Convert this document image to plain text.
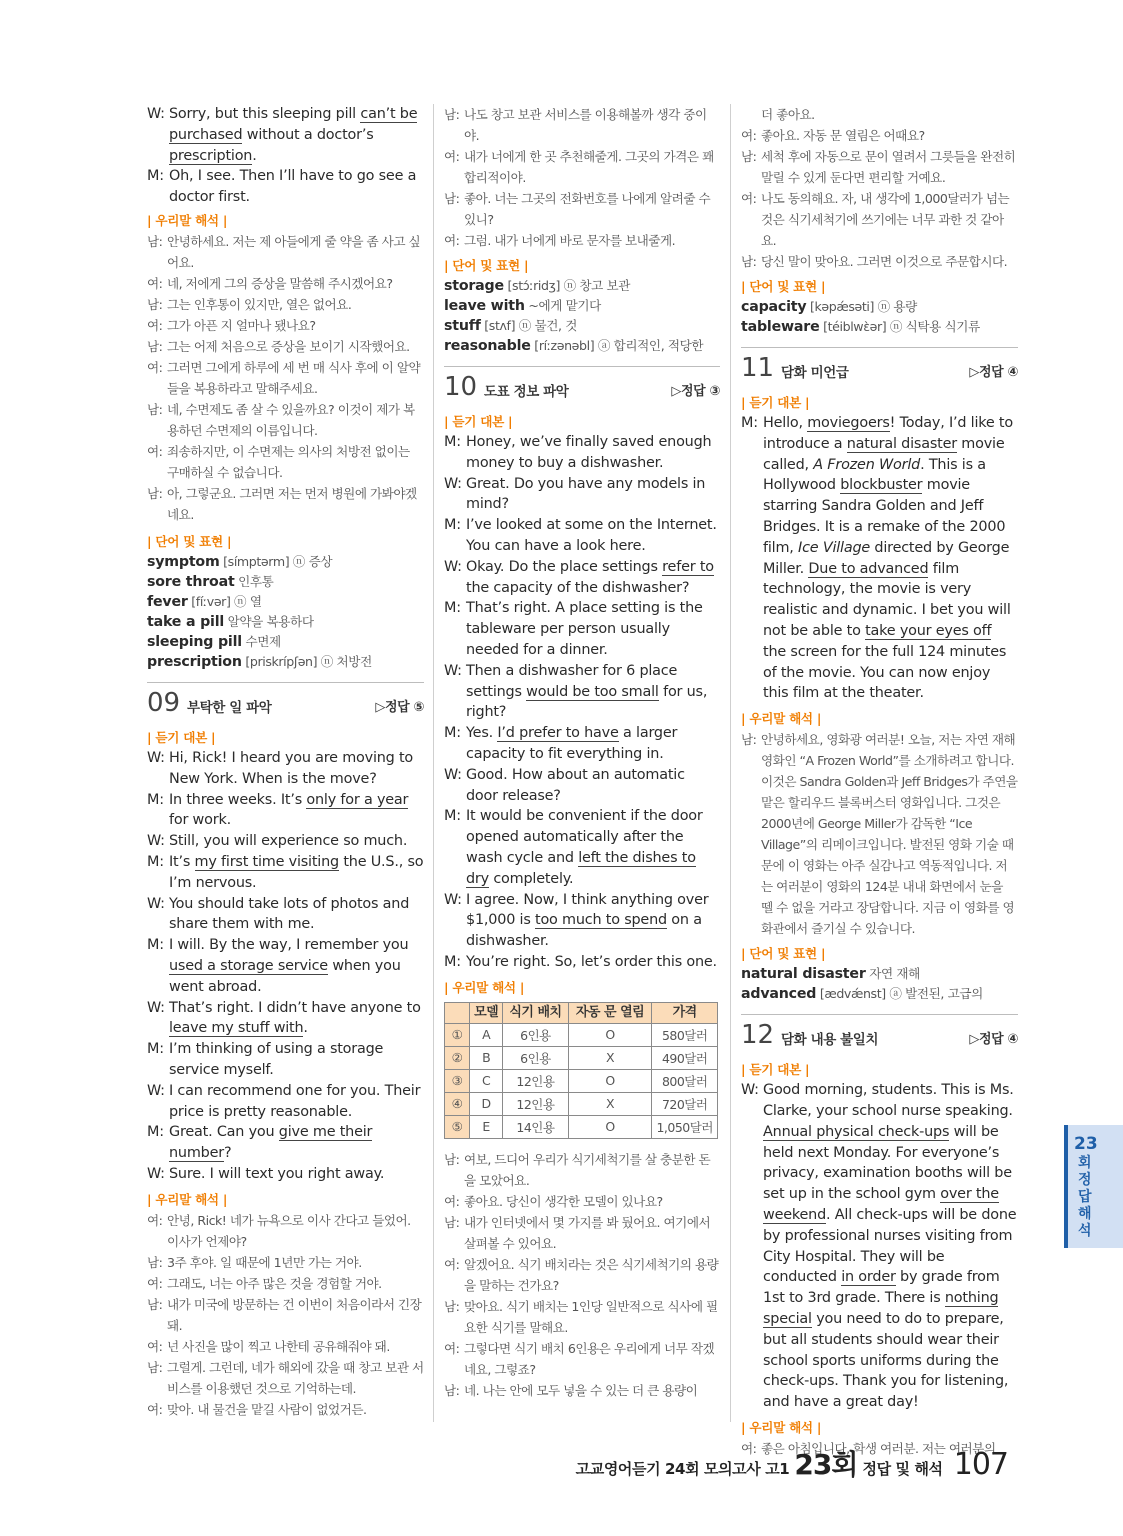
W: Sorry, but this sleeping pill can’t be purchased without a doctor’s prescription.

M: Oh, I see. Then I’ll have to go see a doctor first.

| 우리말 해석 |

남: 안녕하세요. 저는 제 아들에게 줄 약을 좀 사고 싶어요.

여: 네, 저에게 그의 증상을 말씀해 주시겠어요?

남: 그는 인후통이 있지만, 열은 없어요.

여: 그가 아픈 지 얼마나 됐나요?

남: 그는 어제 처음으로 증상을 보이기 시작했어요.

여: 그러면 그에게 하루에 세 번 매 식사 후에 이 알약들을 복용하라고 말해주세요.

남: 네, 수면제도 좀 살 수 있을까요? 이것이 제가 복용하던 수면제의 이름입니다.

여: 죄송하지만, 이 수면제는 의사의 처방전 없이는 구매하실 수 없습니다.

남: 아, 그렇군요. 그러면 저는 먼저 병원에 가봐야겠네요.

| 단어 및 표현 |

symptom [símptərm] ⓝ 증상

sore throat 인후통

fever [fíːvər] ⓝ 열

take a pill 알약을 복용하다

sleeping pill 수면제

prescription [priskrípʃən] ⓝ 처방전

09 부탁한 일 파악	▷정답 ⑤

| 듣기 대본 |

W: Hi, Rick! I heard you are moving to New York. When is the move?

M: In three weeks. It’s only for a year for work.

W: Still, you will experience so much.

M: It’s my first time visiting the U.S., so I’m nervous.

W: You should take lots of photos and share them with me.

M: I will. By the way, I remember you used a storage service when you went abroad.

W: That’s right. I didn’t have anyone to leave my stuff with.

M: I’m thinking of using a storage service myself.

W: I can recommend one for you. Their price is pretty reasonable.

M: Great. Can you give me their number?

W: Sure. I will text you right away.

| 우리말 해석 |

여: 안녕, Rick! 네가 뉴욕으로 이사 간다고 들었어. 이사가 언제야?

남: 3주 후야. 일 때문에 1년만 가는 거야.

여: 그래도, 너는 아주 많은 것을 경험할 거야.

남: 내가 미국에 방문하는 건 이번이 처음이라서 긴장돼.

여: 넌 사진을 많이 찍고 나한테 공유해줘야 돼.

남: 그럴게. 그런데, 네가 해외에 갔을 때 창고 보관 서비스를 이용했던 것으로 기억하는데.

여: 맞아. 내 물건을 맡길 사람이 없었거든.

남: 나도 창고 보관 서비스를 이용해볼까 생각 중이야.

여: 내가 너에게 한 곳 추천해줄게. 그곳의 가격은 꽤 합리적이야.

남: 좋아. 너는 그곳의 전화번호를 나에게 알려줄 수 있니?

여: 그럼. 내가 너에게 바로 문자를 보내줄게.

| 단어 및 표현 |

storage [stɔ́ːridʒ] ⓝ 창고 보관

leave with ~에게 맡기다

stuff [stʌf] ⓝ 물건, 것

reasonable [ríːzənəbl] ⓐ 합리적인, 적당한

10 도표 정보 파악	▷정답 ③

| 듣기 대본 |

M: Honey, we’ve finally saved enough money to buy a dishwasher.

W: Great. Do you have any models in mind?

M: I’ve looked at some on the Internet. You can have a look here.

W: Okay. Do the place settings refer to the capacity of the dishwasher?

M: That’s right. A place setting is the tableware per person usually needed for a dinner.

W: Then a dishwasher for 6 place settings would be too small for us, right?

M: Yes. I’d prefer to have a larger capacity to fit everything in.

W: Good. How about an automatic door release?

M: It would be convenient if the door opened automatically after the wash cycle and left the dishes to dry completely.

W: I agree. Now, I think anything over $1,000 is too much to spend on a dishwasher.

M: You’re right. So, let’s order this one.

| 우리말 해석 |

	모델	식기 배치	자동 문 열림	가격
①	A	6인용	O	580달러
②	B	6인용	X	490달러
③	C	12인용	O	800달러
④	D	12인용	X	720달러
⑤	E	14인용	O	1,050달러

남: 여보, 드디어 우리가 식기세척기를 살 충분한 돈을 모았어요.

여: 좋아요. 당신이 생각한 모델이 있나요?

남: 내가 인터넷에서 몇 가지를 봐 뒀어요. 여기에서 살펴볼 수 있어요.

여: 알겠어요. 식기 배치라는 것은 식기세척기의 용량을 말하는 건가요?

남: 맞아요. 식기 배치는 1인당 일반적으로 식사에 필요한 식기를 말해요.

여: 그렇다면 식기 배치 6인용은 우리에게 너무 작겠네요, 그렇죠?

남: 네. 나는 안에 모두 넣을 수 있는 더 큰 용량이

더 좋아요.

여: 좋아요. 자동 문 열림은 어때요?

남: 세척 후에 자동으로 문이 열려서 그릇들을 완전히 말릴 수 있게 둔다면 편리할 거예요.

여: 나도 동의해요. 자, 내 생각에 1,000달러가 넘는 것은 식기세척기에 쓰기에는 너무 과한 것 같아요.

남: 당신 말이 맞아요. 그러면 이것으로 주문합시다.

| 단어 및 표현 |

capacity [kəpǽsəti] ⓝ 용량

tableware [téiblwɛ̀ər] ⓝ 식탁용 식기류

11 담화 미언급	▷정답 ④

| 듣기 대본 |

M: Hello, moviegoers! Today, I’d like to introduce a natural disaster movie called, A Frozen World. This is a Hollywood blockbuster movie starring Sandra Golden and Jeff Bridges. It is a remake of the 2000 film, Ice Village directed by George Miller. Due to advanced film technology, the movie is very realistic and dynamic. I bet you will not be able to take your eyes off the screen for the full 124 minutes of the movie. You can now enjoy this film at the theater.

| 우리말 해석 |

남: 안녕하세요, 영화광 여러분! 오늘, 저는 자연 재해 영화인 “A Frozen World”를 소개하려고 합니다. 이것은 Sandra Golden과 Jeff Bridges가 주연을 맡은 할리우드 블록버스터 영화입니다. 그것은 2000년에 George Miller가 감독한 “Ice Village”의 리메이크입니다. 발전된 영화 기술 때문에 이 영화는 아주 실감나고 역동적입니다. 저는 여러분이 영화의 124분 내내 화면에서 눈을 뗄 수 없을 거라고 장담합니다. 지금 이 영화를 영화관에서 즐기실 수 있습니다.

| 단어 및 표현 |

natural disaster 자연 재해

advanced [ædvǽnst] ⓐ 발전된, 고급의

12 담화 내용 불일치	▷정답 ④

| 듣기 대본 |

W: Good morning, students. This is Ms. Clarke, your school nurse speaking. Annual physical check-ups will be held next Monday. For everyone’s privacy, examination booths will be set up in the school gym over the weekend. All check-ups will be done by professional nurses visiting from City Hospital. They will be conducted in order by grade from 1st to 3rd grade. There is nothing special you need to do to prepare, but all students should wear their school sports uniforms during the check-ups. Thank you for listening, and have a great day!

| 우리말 해석 |

여: 좋은 아침입니다, 학생 여러분. 저는 여러분의

23
회정답해석
고교영어듣기 24회 모의고사 고1 23회 정답 및 해석 107
